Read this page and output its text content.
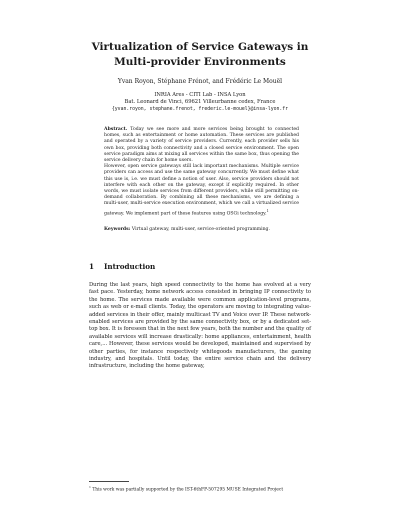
Virtualization of Service Gateways in
Multi-provider Environments
Yvan Royon, Stéphane Frénot, and Frédéric Le Mouël
INRIA Ares - CITI Lab - INSA Lyon
Bat. Leonard de Vinci, 69621 Villeurbanne cedex, France
{yvan.royon, stephane.frenot, frederic.le-mouel}@insa-lyon.fr

Abstract. Today we see more and more services being brought to connected homes, such as entertainment or home automation. These services are published and operated by a variety of service providers. Currently, each provider sells his own box, providing both connectivity and a closed service environment. The open service paradigm aims at mixing all services within the same box, thus opening the service delivery chain for home users.

However, open service gateways still lack important mechanisms. Multiple service providers can access and use the same gateway concurrently. We must define what this use is, i.e. we must define a notion of user. Also, service providers should not interfere with each other on the gateway, except if explicitly required. In other words, we must isolate services from different providers, while still permitting on-demand collaboration. By combining all these mechanisms, we are defining a multi-user, multi-service execution environment, which we call a virtualized service gateway. We implement part of these features using OSGi technology.$^1$

Keywords: Virtual gateway, multi-user, service-oriented programming.
1 Introduction

During the last years, high speed connectivity to the home has evolved at a very fast pace. Yesterday, home network access consisted in bringing IP connectivity to the home. The services made available were common application-level programs, such as web or e-mail clients. Today, the operators are moving to integrating value-added services in their offer, mainly multicast TV and Voice over IP. These network-enabled services are provided by the same connectivity box, or by a dedicated set-top box. It is foreseen that in the next few years, both the number and the quality of available services will increase drastically: home appliances, entertainment, health care,... However, these services would be developed, maintained and supervised by other parties, for instance respectively whitegoods manufacturers, the gaming industry, and hospitals. Until today, the entire service chain and the delivery infrastructure, including the home gateway,

$^1$ This work was partially supported by the IST-6thFP-507295 MUSE Integrated Project
